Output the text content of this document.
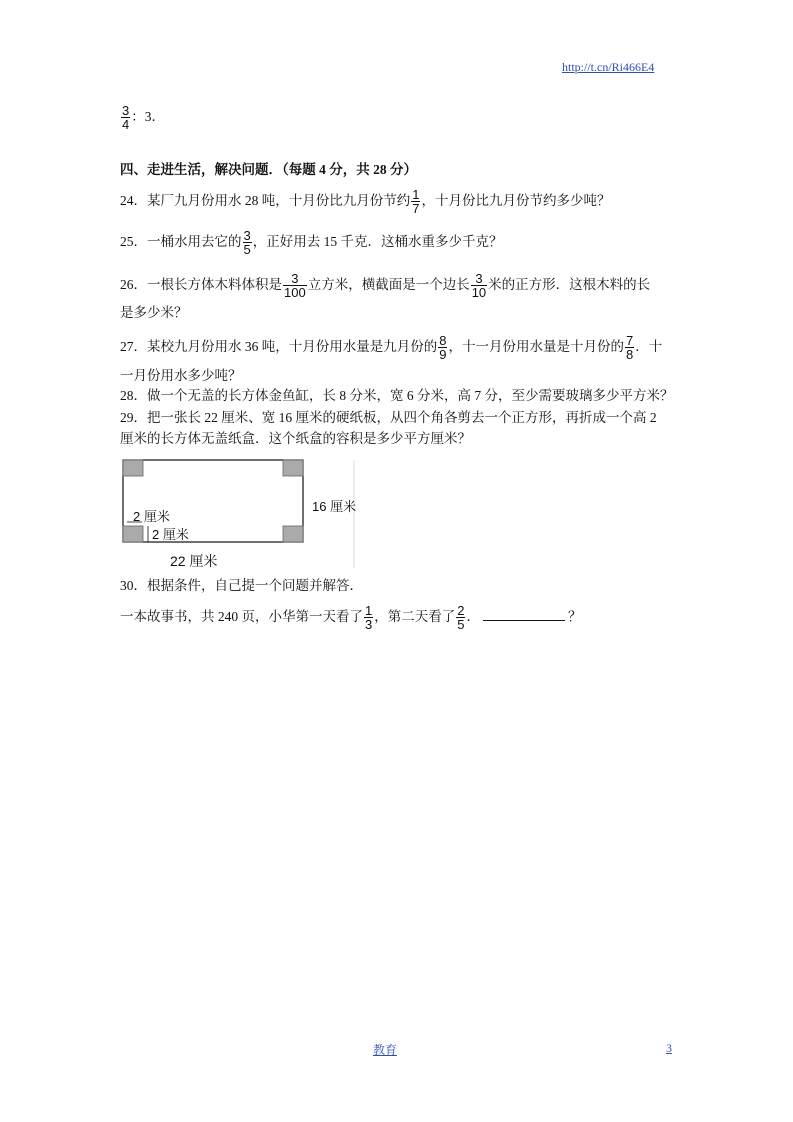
http://t.cn/Ri466E4
$\frac{3}{4}$ ：3．
四、走进生活，解决问题．（每题 4 分，共 28 分）
24．某厂九月份用水 28 吨，十月份比九月份节约 $\frac{1}{7}$ ，十月份比九月份节约多少吨？
25．一桶水用去它的 $\frac{3}{5}$ ，正好用去 15 千克．这桶水重多少千克？
26．一根长方体木料体积是 $\frac{3}{100}$ 立方米，横截面是一个边长 $\frac{3}{10}$ 米的正方形．这根木料的长
是多少米？
27．某校九月份用水 36 吨，十月份用水量是九月份的 $\frac{8}{9}$ ，十一月份用水量是十月份的 $\frac{7}{8}$ ．十
一月份用水多少吨？
28．做一个无盖的长方体金鱼缸，长 8 分米，宽 6 分米，高 7 分，至少需要玻璃多少平方米？
29．把一张长 22 厘米、宽 16 厘米的硬纸板，从四个角各剪去一个正方形，再折成一个高 2
厘米的长方体无盖纸盒．这个纸盒的容积是多少平方厘米？
2 厘米
2 厘米
16 厘米
22 厘米
30．根据条件，自己提一个问题并解答．
一本故事书，共 240 页，小华第一天看了 $\frac{1}{3}$ ，第二天看了 $\frac{2}{5}$ ．	？
教育	3
